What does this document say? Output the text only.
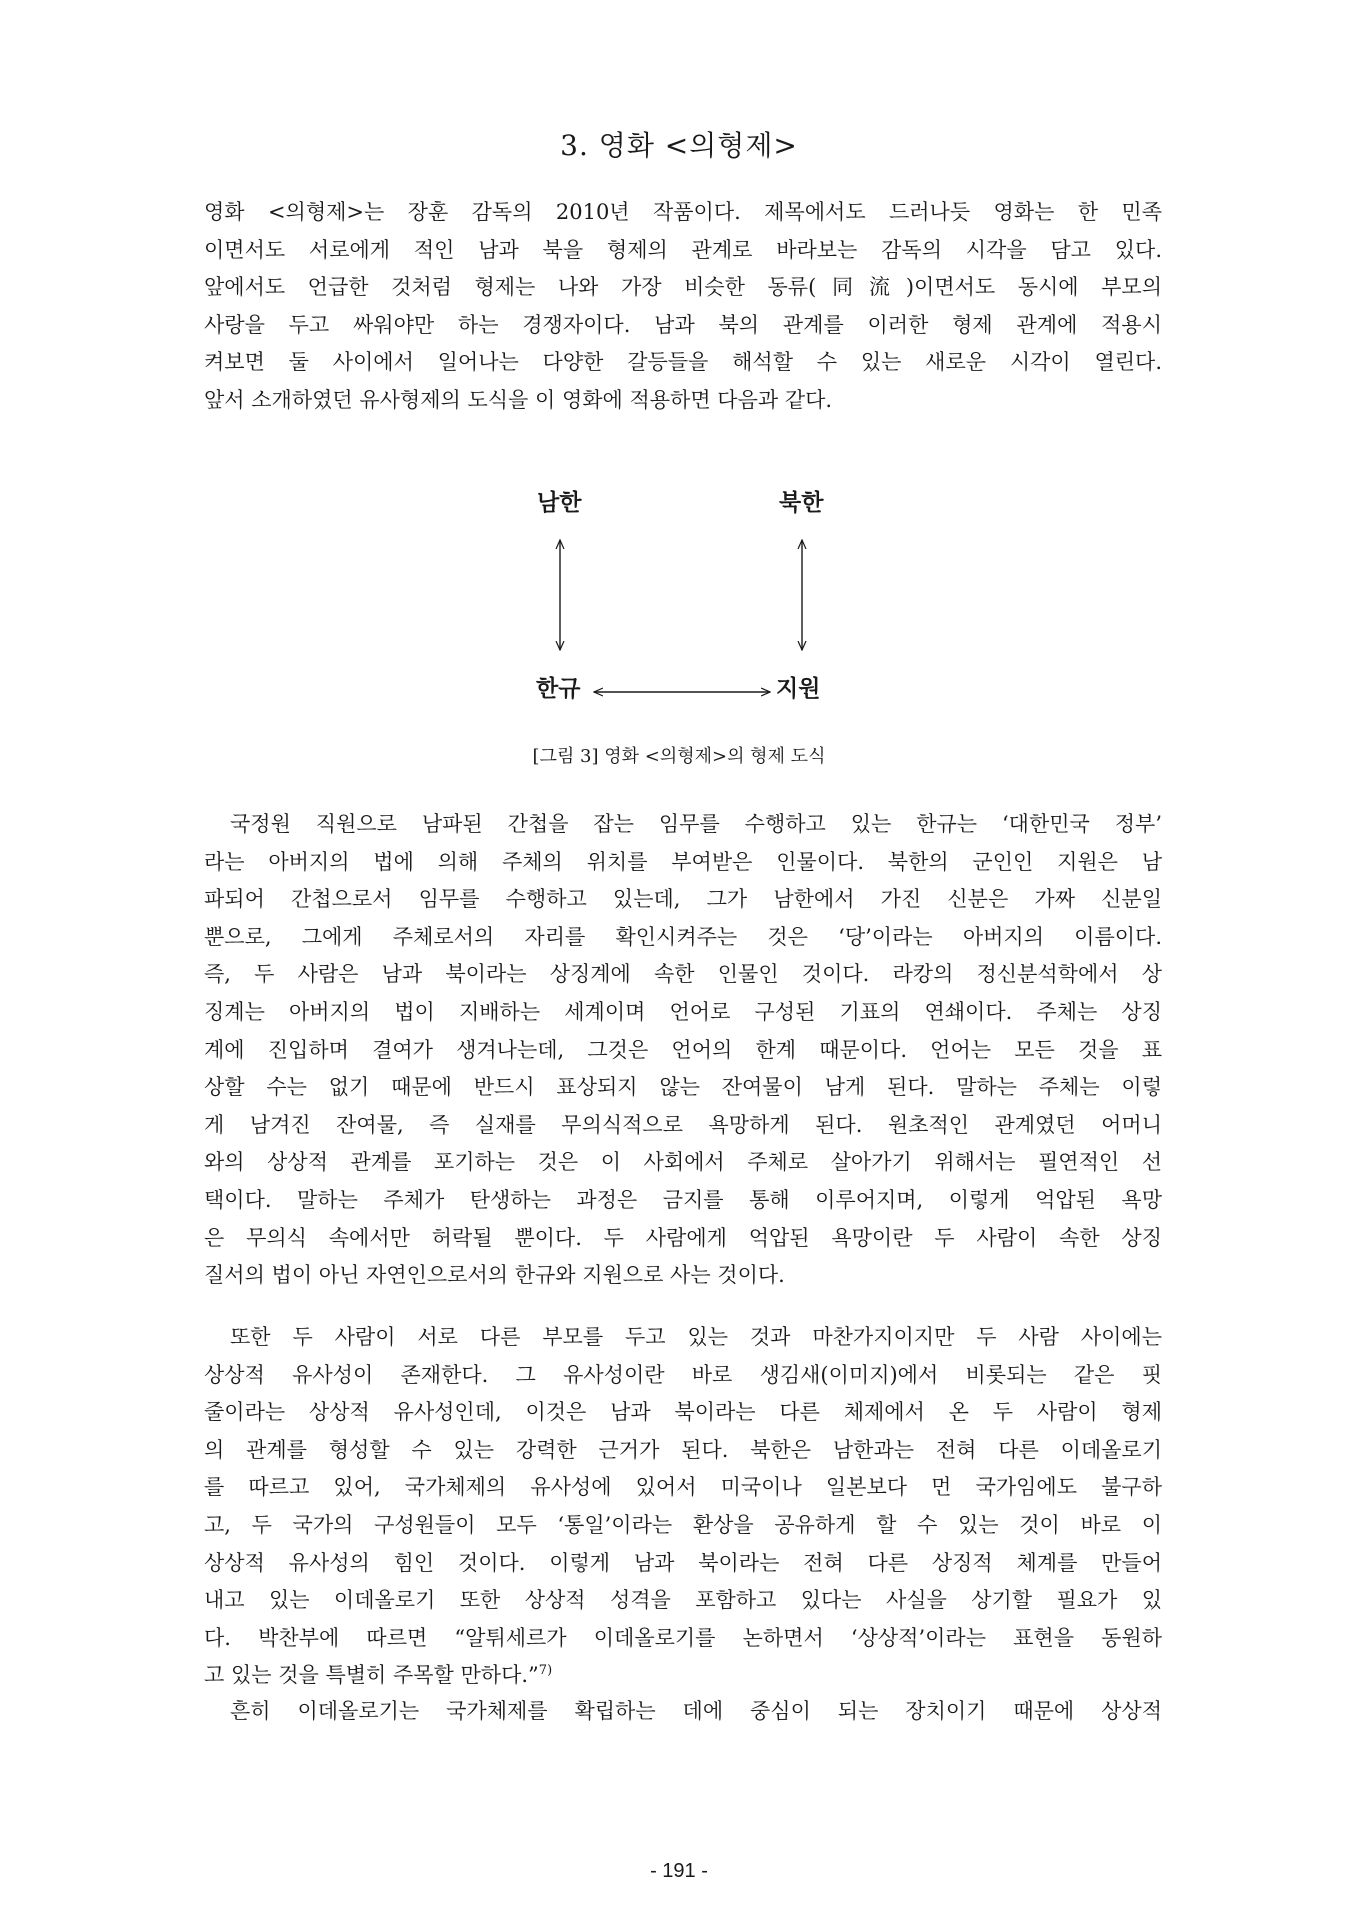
3. 영화 <의형제>
영화 <의형제>는 장훈 감독의 2010년 작품이다. 제목에서도 드러나듯 영화는 한 민족
이면서도 서로에게 적인 남과 북을 형제의 관계로 바라보는 감독의 시각을 담고 있다.
앞에서도 언급한 것처럼 형제는 나와 가장 비슷한 동류(同流)이면서도 동시에 부모의
사랑을 두고 싸워야만 하는 경쟁자이다. 남과 북의 관계를 이러한 형제 관계에 적용시
켜보면 둘 사이에서 일어나는 다양한 갈등들을 해석할 수 있는 새로운 시각이 열린다.
앞서 소개하였던 유사형제의 도식을 이 영화에 적용하면 다음과 같다.
남한	북한
한규	지원
[그림 3] 영화 <의형제>의 형제 도식
국정원 직원으로 남파된 간첩을 잡는 임무를 수행하고 있는 한규는 ‘대한민국 정부’
라는 아버지의 법에 의해 주체의 위치를 부여받은 인물이다. 북한의 군인인 지원은 남
파되어 간첩으로서 임무를 수행하고 있는데, 그가 남한에서 가진 신분은 가짜 신분일
뿐으로, 그에게 주체로서의 자리를 확인시켜주는 것은 ‘당’이라는 아버지의 이름이다.
즉, 두 사람은 남과 북이라는 상징계에 속한 인물인 것이다. 라캉의 정신분석학에서 상
징계는 아버지의 법이 지배하는 세계이며 언어로 구성된 기표의 연쇄이다. 주체는 상징
계에 진입하며 결여가 생겨나는데, 그것은 언어의 한계 때문이다. 언어는 모든 것을 표
상할 수는 없기 때문에 반드시 표상되지 않는 잔여물이 남게 된다. 말하는 주체는 이렇
게 남겨진 잔여물, 즉 실재를 무의식적으로 욕망하게 된다. 원초적인 관계였던 어머니
와의 상상적 관계를 포기하는 것은 이 사회에서 주체로 살아가기 위해서는 필연적인 선
택이다. 말하는 주체가 탄생하는 과정은 금지를 통해 이루어지며, 이렇게 억압된 욕망
은 무의식 속에서만 허락될 뿐이다. 두 사람에게 억압된 욕망이란 두 사람이 속한 상징
질서의 법이 아닌 자연인으로서의 한규와 지원으로 사는 것이다.
또한 두 사람이 서로 다른 부모를 두고 있는 것과 마찬가지이지만 두 사람 사이에는
상상적 유사성이 존재한다. 그 유사성이란 바로 생김새(이미지)에서 비롯되는 같은 핏
줄이라는 상상적 유사성인데, 이것은 남과 북이라는 다른 체제에서 온 두 사람이 형제
의 관계를 형성할 수 있는 강력한 근거가 된다. 북한은 남한과는 전혀 다른 이데올로기
를 따르고 있어, 국가체제의 유사성에 있어서 미국이나 일본보다 먼 국가임에도 불구하
고, 두 국가의 구성원들이 모두 ‘통일’이라는 환상을 공유하게 할 수 있는 것이 바로 이
상상적 유사성의 힘인 것이다. 이렇게 남과 북이라는 전혀 다른 상징적 체계를 만들어
내고 있는 이데올로기 또한 상상적 성격을 포함하고 있다는 사실을 상기할 필요가 있
다. 박찬부에 따르면 “알튀세르가 이데올로기를 논하면서 ‘상상적’이라는 표현을 동원하
고 있는 것을 특별히 주목할 만하다.”$^{7)}$
흔히 이데올로기는 국가체제를 확립하는 데에 중심이 되는 장치이기 때문에 상상적
- 191 -
